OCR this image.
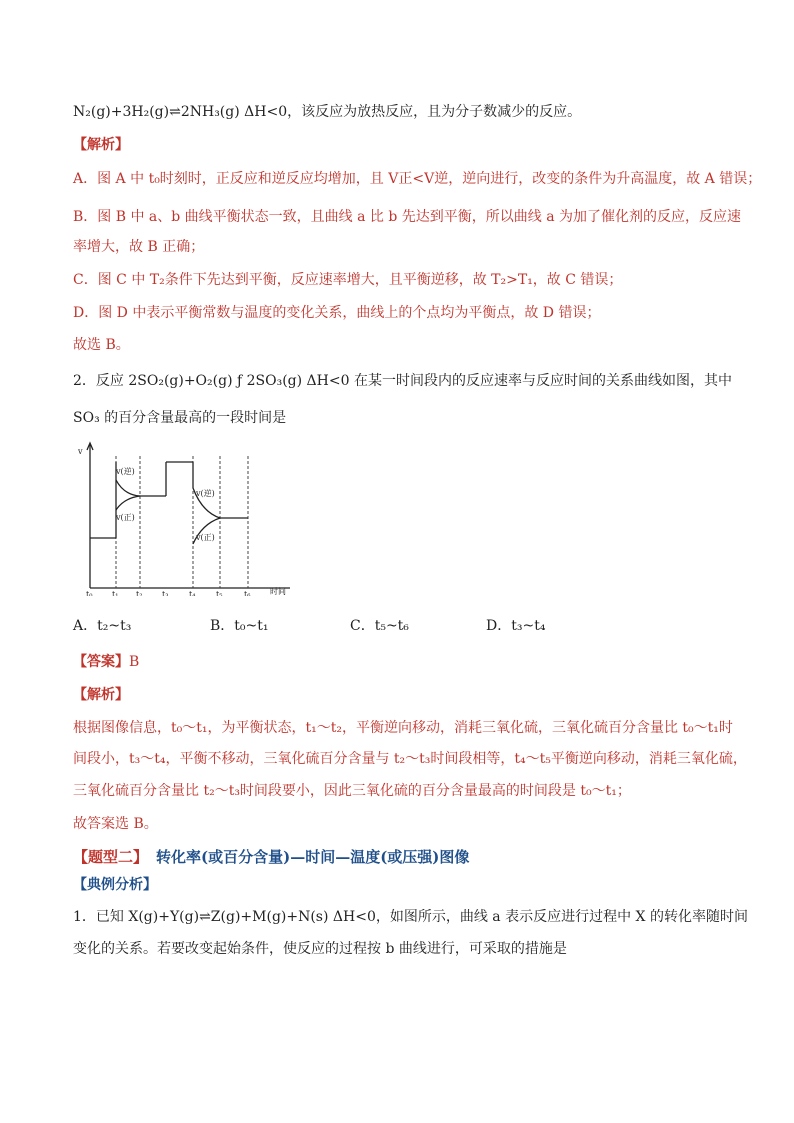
N₂(g)+3H₂(g)⇌2NH₃(g) ΔH<0，该反应为放热反应，且为分子数减少的反应。

【解析】

A．图 A 中 t₀时刻时，正反应和逆反应均增加，且 V正<V逆，逆向进行，改变的条件为升高温度，故 A 错误；

B．图 B 中 a、b 曲线平衡状态一致，且曲线 a 比 b 先达到平衡，所以曲线 a 为加了催化剂的反应，反应速

率增大，故 B 正确；

C．图 C 中 T₂条件下先达到平衡，反应速率增大，且平衡逆移，故 T₂>T₁，故 C 错误；

D．图 D 中表示平衡常数与温度的变化关系，曲线上的个点均为平衡点，故 D 错误；

故选 B。

2．反应 2SO₂(g)+O₂(g) ƒ 2SO₃(g) ΔH<0 在某一时间段内的反应速率与反应时间的关系曲线如图，其中

SO₃ 的百分含量最高的一段时间是

v
时间
t₀ t₁ t₂ t₃	t₄	t₅	t₆
v(逆)
v(正)
v(逆)
v(正)
A．t₂~t₃	B．t₀~t₁	C．t₅~t₆	D．t₃~t₄

【答案】B

【解析】

根据图像信息，t₀～t₁，为平衡状态，t₁～t₂，平衡逆向移动，消耗三氧化硫，三氧化硫百分含量比 t₀～t₁时

间段小，t₃～t₄，平衡不移动，三氧化硫百分含量与 t₂～t₃时间段相等，t₄～t₅平衡逆向移动，消耗三氧化硫，

三氧化硫百分含量比 t₂～t₃时间段要小，因此三氧化硫的百分含量最高的时间段是 t₀～t₁；

故答案选 B。

【题型二】 转化率(或百分含量)—时间—温度(或压强)图像

【典例分析】

1．已知 X(g)+Y(g)⇌Z(g)+M(g)+N(s) ΔH<0，如图所示，曲线 a 表示反应进行过程中 X 的转化率随时间

变化的关系。若要改变起始条件，使反应的过程按 b 曲线进行，可采取的措施是
